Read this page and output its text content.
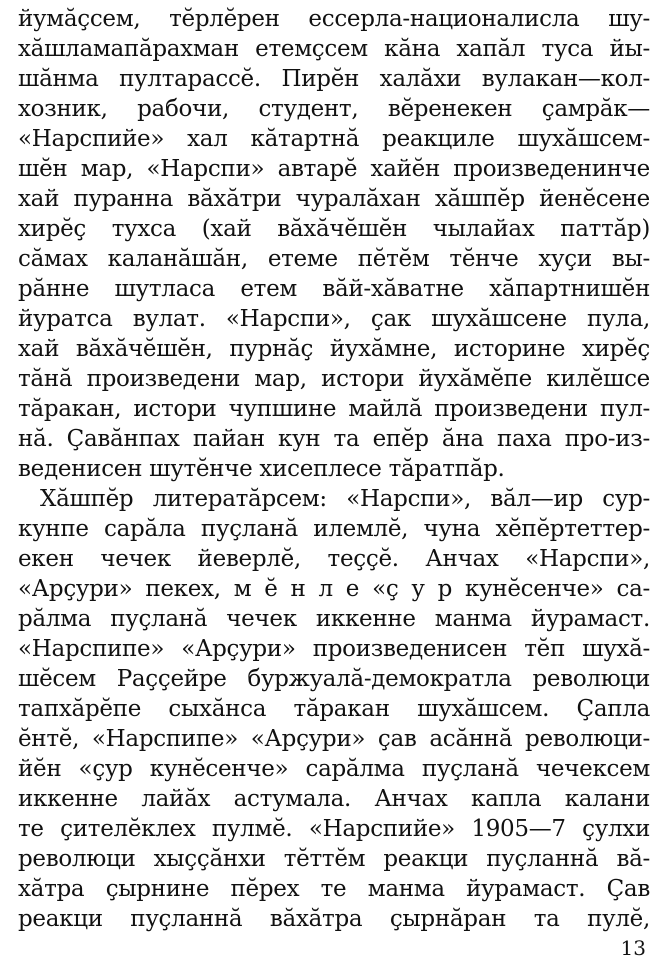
йумӑҫсем, тӗрлӗрен ессерла-националисла шу-
хӑшламапӑрахман етемҫсем кӑна хапӑл туса йы-
шӑнма пултарассӗ. Пирӗн халӑхи вулакан—кол-
хозник, рабочи, студент, вӗренекен ҫамрӑк—
«Нарспийе» хал кӑтартнӑ реакциле шухӑшсем-
шӗн мар, «Нарспи» автарӗ хайӗн произведенинче
хай пуранна вӑхӑтри чуралӑхан хӑшпӗр йенӗсене
хирӗҫ тухса (хай вӑхӑчӗшӗн чылайах паттӑр)
сӑмах каланӑшӑн, етеме пӗтӗм тӗнче хуҫи вы-
рӑнне шутласа етем вӑй-хӑватне хӑпартнишӗн
йуратса вулат. «Нарспи», ҫак шухӑшсене пула,
хай вӑхӑчӗшӗн, пурнӑҫ йухӑмне, историне хирӗҫ
тӑнӑ произведени мар, истори йухӑмӗпе килӗшсе
тӑракан, истори чупшине майлӑ произведени пул-
нӑ. Ҫавӑнпах пайан кун та епӗр ӑна паха про-из-
веденисен шутӗнче хисеплесе тӑратпӑр.
Хӑшпӗр литератӑрсем: «Нарспи», вӑл—ир сур-
кунпе сарӑла пуҫланӑ илемлӗ, чуна хӗпӗртеттер-
екен чечек йеверлӗ, теҫҫӗ. Анчах «Нарспи»,
«Арҫури» пекех, м ӗ н л е «ҫ у р кунӗсенче» са-
рӑлма пуҫланӑ чечек иккенне манма йурамаст.
«Нарспипе» «Арҫури» произведенисен тӗп шухӑ-
шӗсем Раҫҫейре буржуалӑ-демократла революци
тапхӑрӗпе сыхӑнса тӑракан шухӑшсем. Ҫапла
ӗнтӗ, «Нарспипе» «Арҫури» ҫав асӑннӑ революци-
йӗн «ҫур кунӗсенче» сарӑлма пуҫланӑ чечексем
иккенне лайӑх астумала. Анчах капла калани
те ҫителӗклех пулмӗ. «Нарспийе» 1905—7 ҫулхи
революци хыҫҫӑнхи тӗттӗм реакци пуҫланнӑ вӑ-
хӑтра ҫырнине пӗрех те манма йурамаст. Ҫав
реакци пуҫланнӑ вӑхӑтра ҫырнӑран та пулӗ,
13
